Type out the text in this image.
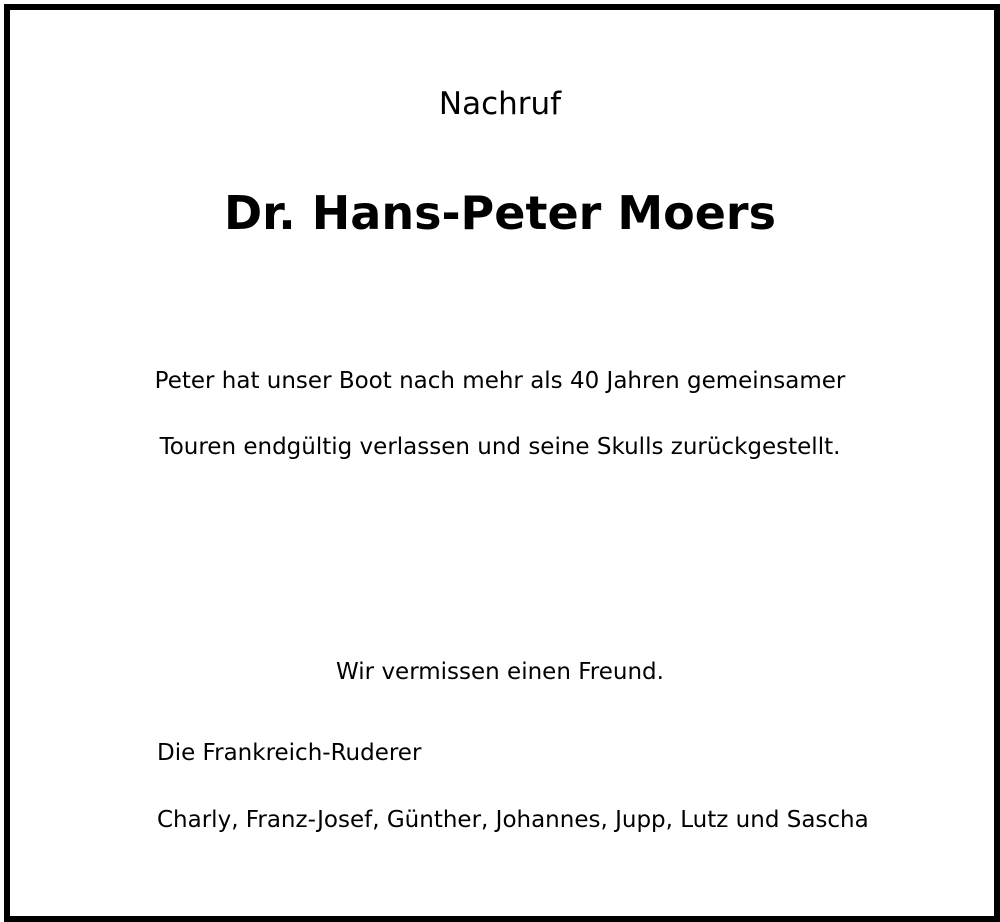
Nachruf
Dr. Hans-Peter Moers
Peter hat unser Boot nach mehr als 40 Jahren gemeinsamer
Touren endgültig verlassen und seine Skulls zurückgestellt.
Wir vermissen einen Freund.
Die Frankreich-Ruderer
Charly, Franz-Josef, Günther, Johannes, Jupp, Lutz und Sascha
